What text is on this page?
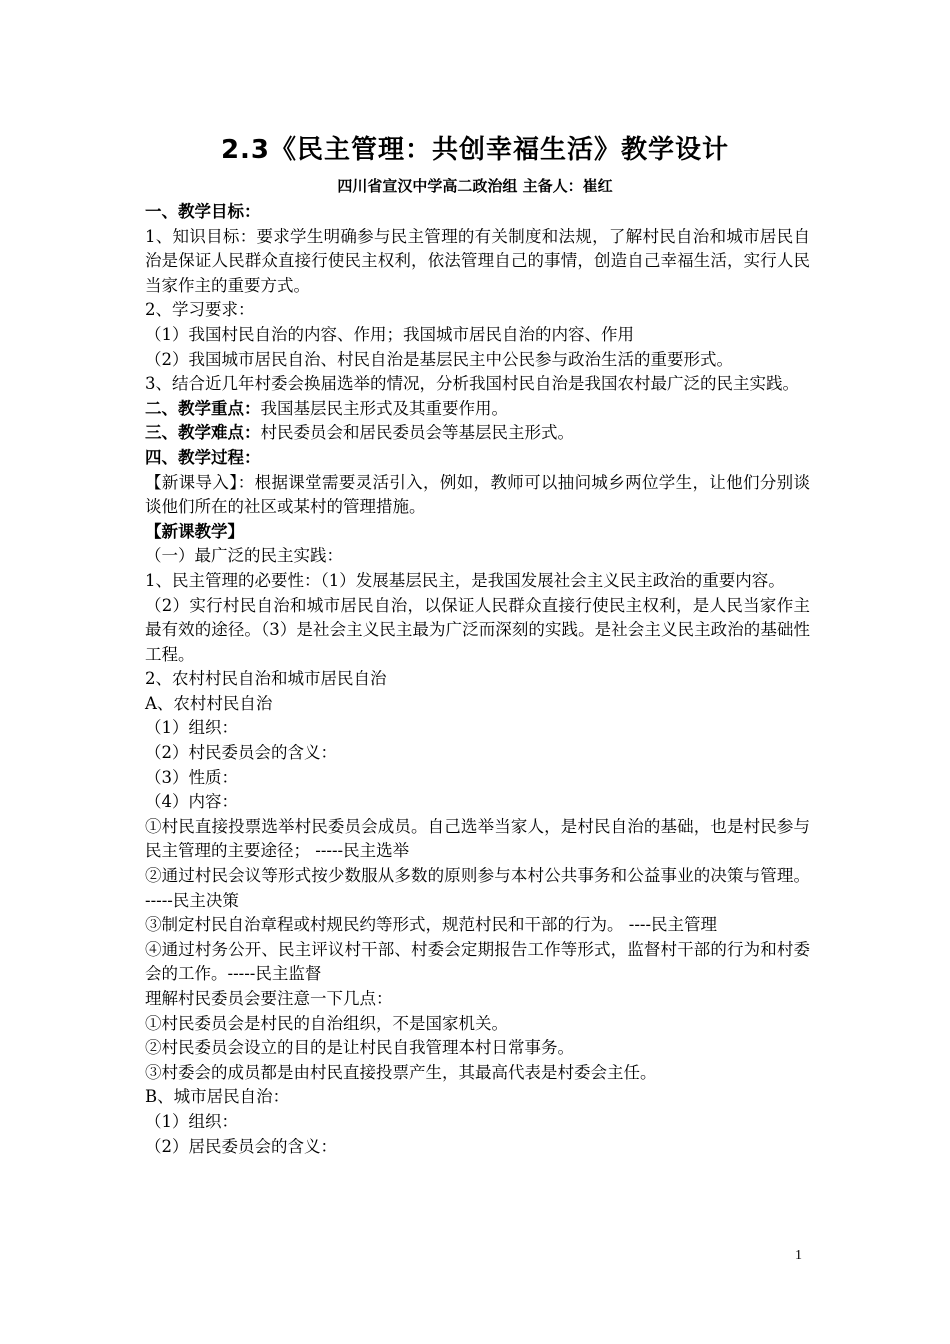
2.3《民主管理：共创幸福生活》教学设计
四川省宣汉中学高二政治组 主备人：崔红

一、教学目标：

1、知识目标：要求学生明确参与民主管理的有关制度和法规，了解村民自治和城市居民自治是保证人民群众直接行使民主权利，依法管理自己的事情，创造自己幸福生活，实行人民当家作主的重要方式。

2、学习要求：

（1）我国村民自治的内容、作用；我国城市居民自治的内容、作用

（2）我国城市居民自治、村民自治是基层民主中公民参与政治生活的重要形式。

3、结合近几年村委会换届选举的情况，分析我国村民自治是我国农村最广泛的民主实践。

二、教学重点：我国基层民主形式及其重要作用。

三、教学难点：村民委员会和居民委员会等基层民主形式。

四、教学过程：

【新课导入】：根据课堂需要灵活引入，例如，教师可以抽问城乡两位学生，让他们分别谈谈他们所在的社区或某村的管理措施。

【新课教学】

（一）最广泛的民主实践：

1、民主管理的必要性：（1）发展基层民主，是我国发展社会主义民主政治的重要内容。

（2）实行村民自治和城市居民自治，以保证人民群众直接行使民主权利，是人民当家作主最有效的途径。（3）是社会主义民主最为广泛而深刻的实践。是社会主义民主政治的基础性工程。

2、农村村民自治和城市居民自治

A、农村村民自治

（1）组织：

（2）村民委员会的含义：

（3）性质：

（4）内容：

①村民直接投票选举村民委员会成员。自己选举当家人，是村民自治的基础，也是村民参与民主管理的主要途径； -----民主选举

②通过村民会议等形式按少数服从多数的原则参与本村公共事务和公益事业的决策与管理。 -----民主决策

③制定村民自治章程或村规民约等形式，规范村民和干部的行为。 ----民主管理

④通过村务公开、民主评议村干部、村委会定期报告工作等形式，监督村干部的行为和村委会的工作。-----民主监督

理解村民委员会要注意一下几点：

①村民委员会是村民的自治组织，不是国家机关。

②村民委员会设立的目的是让村民自我管理本村日常事务。

③村委会的成员都是由村民直接投票产生，其最高代表是村委会主任。

B、城市居民自治：

（1）组织：

（2）居民委员会的含义：

1
